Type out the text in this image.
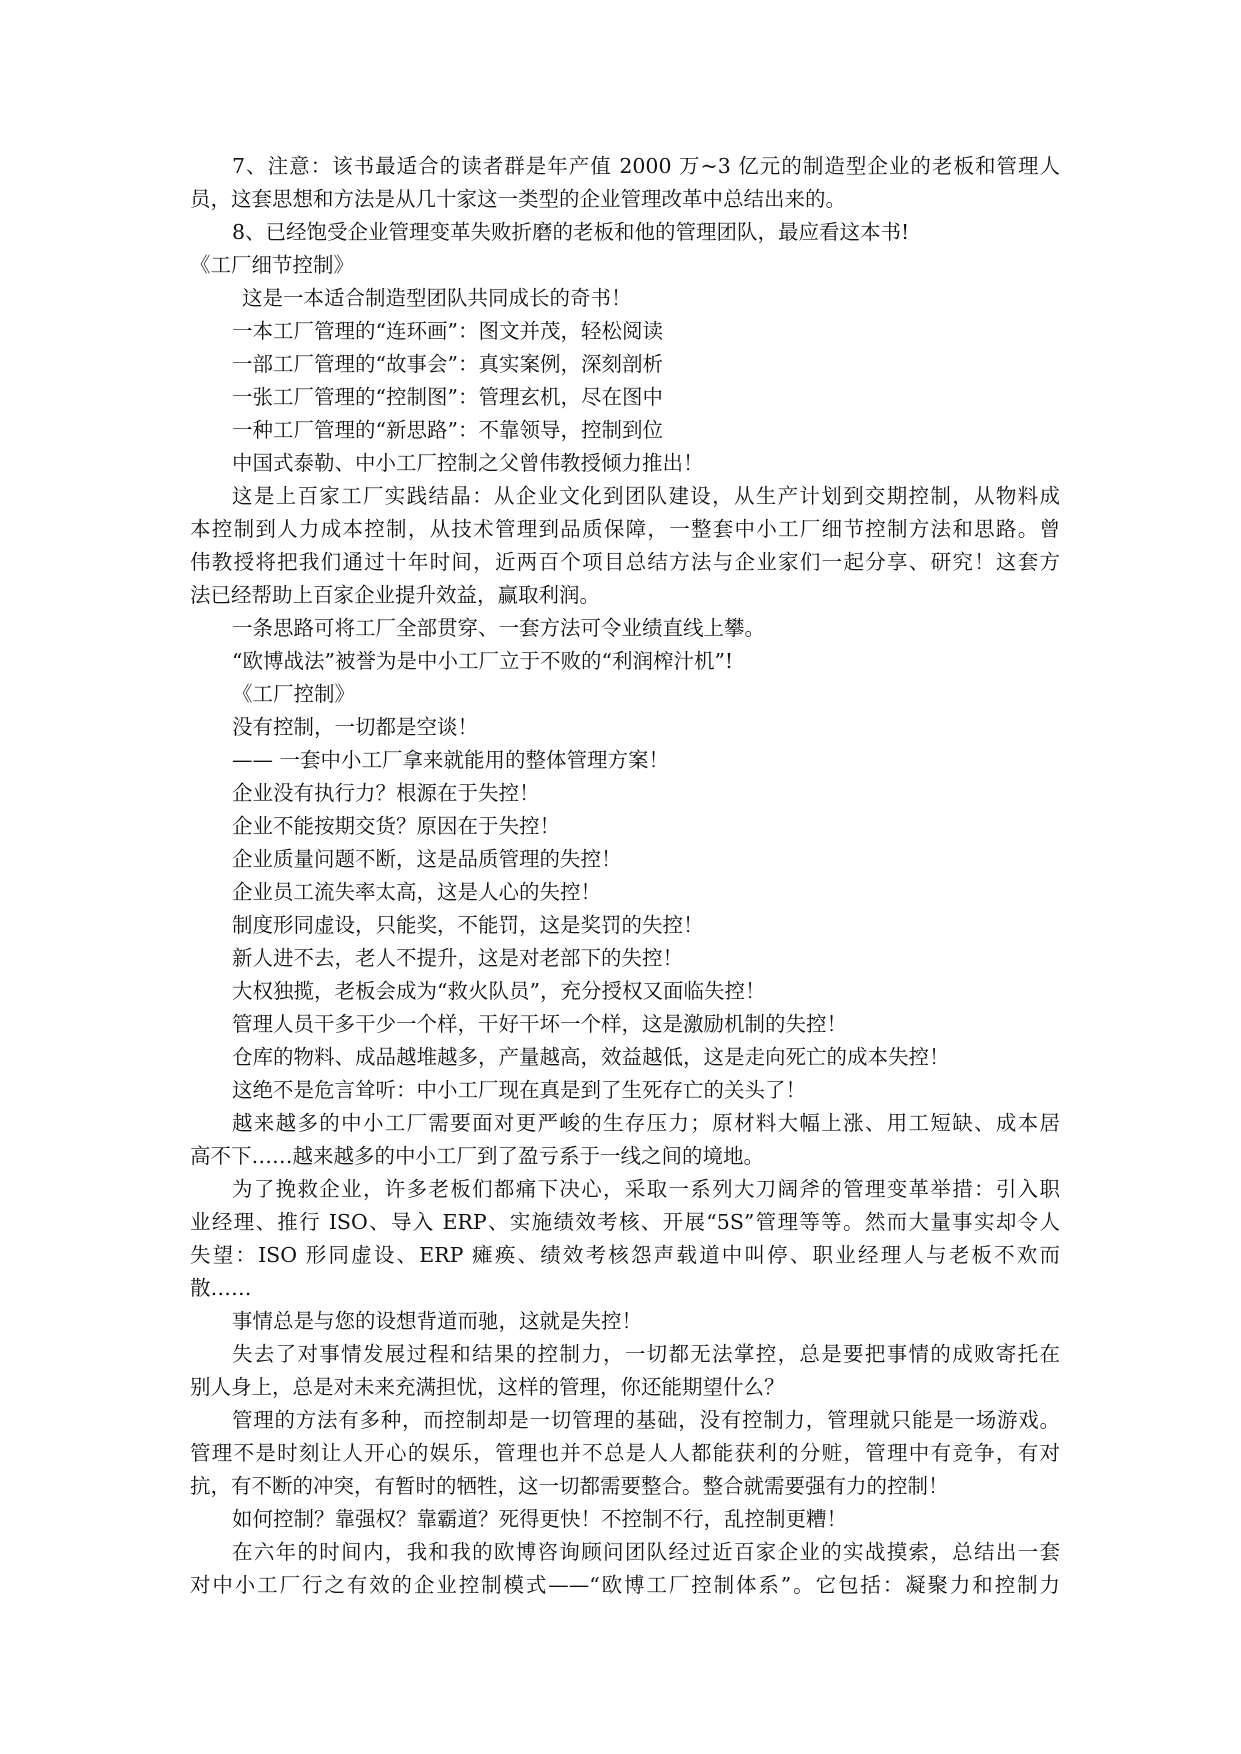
7、注意：该书最适合的读者群是年产值 2000 万~3 亿元的制造型企业的老板和管理人
员，这套思想和方法是从几十家这一类型的企业管理改革中总结出来的。
8、已经饱受企业管理变革失败折磨的老板和他的管理团队，最应看这本书!
《工厂细节控制》
这是一本适合制造型团队共同成长的奇书！
一本工厂管理的“连环画”：图文并茂，轻松阅读
一部工厂管理的“故事会”：真实案例，深刻剖析
一张工厂管理的“控制图”：管理玄机，尽在图中
一种工厂管理的“新思路”：不靠领导，控制到位
中国式泰勒、中小工厂控制之父曾伟教授倾力推出！
这是上百家工厂实践结晶：从企业文化到团队建设，从生产计划到交期控制，从物料成
本控制到人力成本控制，从技术管理到品质保障，一整套中小工厂细节控制方法和思路。曾
伟教授将把我们通过十年时间，近两百个项目总结方法与企业家们一起分享、研究！这套方
法已经帮助上百家企业提升效益，赢取利润。
一条思路可将工厂全部贯穿、一套方法可令业绩直线上攀。
“欧博战法”被誉为是中小工厂立于不败的“利润榨汁机”!
《工厂控制》
没有控制，一切都是空谈！
—— 一套中小工厂拿来就能用的整体管理方案！
企业没有执行力？根源在于失控！
企业不能按期交货？原因在于失控！
企业质量问题不断，这是品质管理的失控！
企业员工流失率太高，这是人心的失控！
制度形同虚设，只能奖，不能罚，这是奖罚的失控！
新人进不去，老人不提升，这是对老部下的失控！
大权独揽，老板会成为“救火队员”，充分授权又面临失控！
管理人员干多干少一个样，干好干坏一个样，这是激励机制的失控！
仓库的物料、成品越堆越多，产量越高，效益越低，这是走向死亡的成本失控！
这绝不是危言耸听：中小工厂现在真是到了生死存亡的关头了！
越来越多的中小工厂需要面对更严峻的生存压力；原材料大幅上涨、用工短缺、成本居
高不下……越来越多的中小工厂到了盈亏系于一线之间的境地。
为了挽救企业，许多老板们都痛下决心，采取一系列大刀阔斧的管理变革举措：引入职
业经理、推行 ISO、导入 ERP、实施绩效考核、开展“5S”管理等等。然而大量事实却令人
失望：ISO 形同虚设、ERP 瘫痪、绩效考核怨声载道中叫停、职业经理人与老板不欢而
散……
事情总是与您的设想背道而驰，这就是失控！
失去了对事情发展过程和结果的控制力，一切都无法掌控，总是要把事情的成败寄托在
别人身上，总是对未来充满担忧，这样的管理，你还能期望什么？
管理的方法有多种，而控制却是一切管理的基础，没有控制力，管理就只能是一场游戏。
管理不是时刻让人开心的娱乐，管理也并不总是人人都能获利的分赃，管理中有竞争，有对
抗，有不断的冲突，有暂时的牺牲，这一切都需要整合。整合就需要强有力的控制！
如何控制？靠强权？靠霸道？死得更快！不控制不行，乱控制更糟！
在六年的时间内，我和我的欧博咨询顾问团队经过近百家企业的实战摸索，总结出一套
对中小工厂行之有效的企业控制模式——“欧博工厂控制体系”。它包括：凝聚力和控制力
